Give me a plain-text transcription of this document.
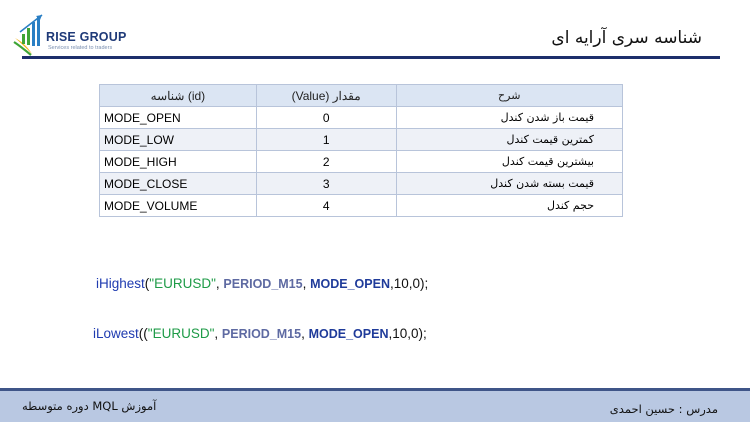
RISE GROUP
Services related to traders	شناسه سری آرایه ای
شناسه (id)	(Value) مقدار	شرح
MODE_OPEN	0	قیمت باز شدن کندل
MODE_LOW	1	کمترین قیمت کندل
MODE_HIGH	2	بیشترین قیمت کندل
MODE_CLOSE	3	قیمت بسته شدن کندل
MODE_VOLUME	4	حجم کندل
iHighest("EURUSD", PERIOD_M15, MODE_OPEN,10,0);
iLowest(("EURUSD", PERIOD_M15, MODE_OPEN,10,0);
آموزش MQL دوره متوسطه	مدرس : حسین احمدی
